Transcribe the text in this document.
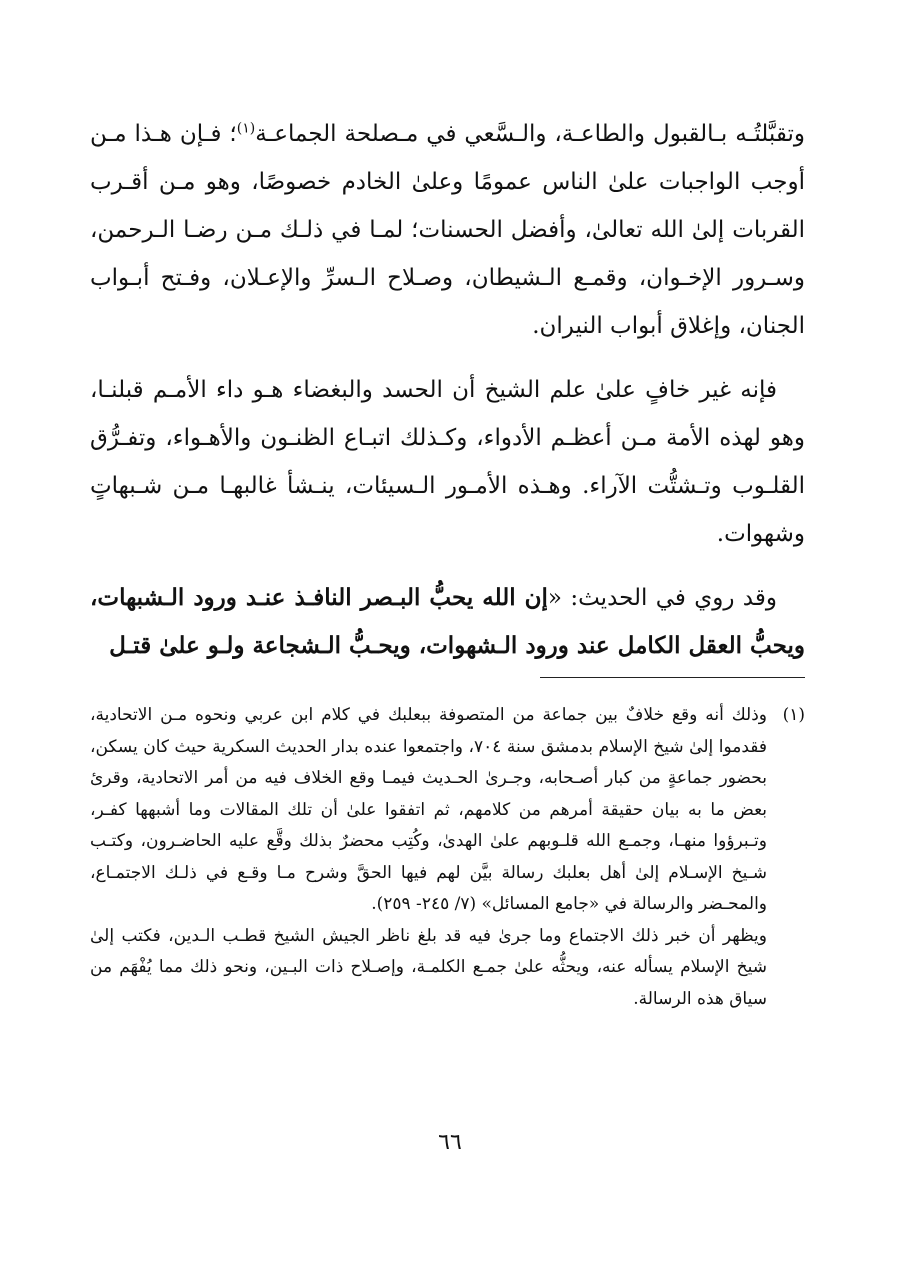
وتقبَّلتُـه بـالقبول والطاعـة، والـسَّعي في مـصلحة الجماعـة$^{(١)}$؛ فـإن هـذا مـن أوجب الواجبات علىٰ الناس عمومًا وعلىٰ الخادم خصوصًا، وهو مـن أقـرب القربات إلىٰ الله تعالىٰ، وأفضل الحسنات؛ لمـا في ذلـك مـن رضـا الـرحمن، وسـرور الإخـوان، وقمـع الـشيطان، وصـلاح الـسرِّ والإعـلان، وفـتح أبـواب الجنان، وإغلاق أبواب النيران.

فإنه غير خافٍ علىٰ علم الشيخ أن الحسد والبغضاء هـو داء الأمـم قبلنـا، وهو لهذه الأمة مـن أعظـم الأدواء، وكـذلك اتبـاع الظنـون والأهـواء، وتفـرُّق القلـوب وتـشتُّت الآراء. وهـذه الأمـور الـسيئات، ينـشأ غالبهـا مـن شـبهاتٍ وشهوات.

وقد روي في الحديث: «إن الله يحبُّ البـصر النافـذ عنـد ورود الـشبهات، ويحبُّ العقل الكامل عند ورود الـشهوات، ويحـبُّ الـشجاعة ولـو علىٰ قتـل

(١)

وذلك أنه وقع خلافٌ بين جماعة من المتصوفة ببعلبك في كلام ابن عربي ونحوه مـن الاتحادية، فقدموا إلىٰ شيخ الإسلام بدمشق سنة ٧٠٤، واجتمعوا عنده بدار الحديث السكرية حيث كان يسكن، بحضور جماعةٍ من كبار أصـحابه، وجـرىٰ الحـديث فيمـا وقع الخلاف فيه من أمر الاتحادية، وقرئ بعض ما به بيان حقيقة أمرهم من كلامهم، ثم اتفقوا علىٰ أن تلك المقالات وما أشبهها كفـر، وتـبرؤوا منهـا، وجمـع الله قلـوبهم علىٰ الهدىٰ، وكُتِب محضرٌ بذلك وقَّع عليه الحاضـرون، وكتـب شـيخ الإسـلام إلىٰ أهل بعلبك رسالة بيَّن لهم فيها الحقَّ وشرح مـا وقـع في ذلـك الاجتمـاع، والمحـضر والرسالة في «جامع المسائل» (٧/ ٢٤٥- ٢٥٩).

ويظهر أن خبر ذلك الاجتماع وما جرىٰ فيه قد بلغ ناظر الجيش الشيخ قطـب الـدين، فكتب إلىٰ شيخ الإسلام يسأله عنه، ويحثُّه علىٰ جمـع الكلمـة، وإصـلاح ذات البـين، ونحو ذلك مما يُفْهَم من سياق هذه الرسالة.

٦٦
